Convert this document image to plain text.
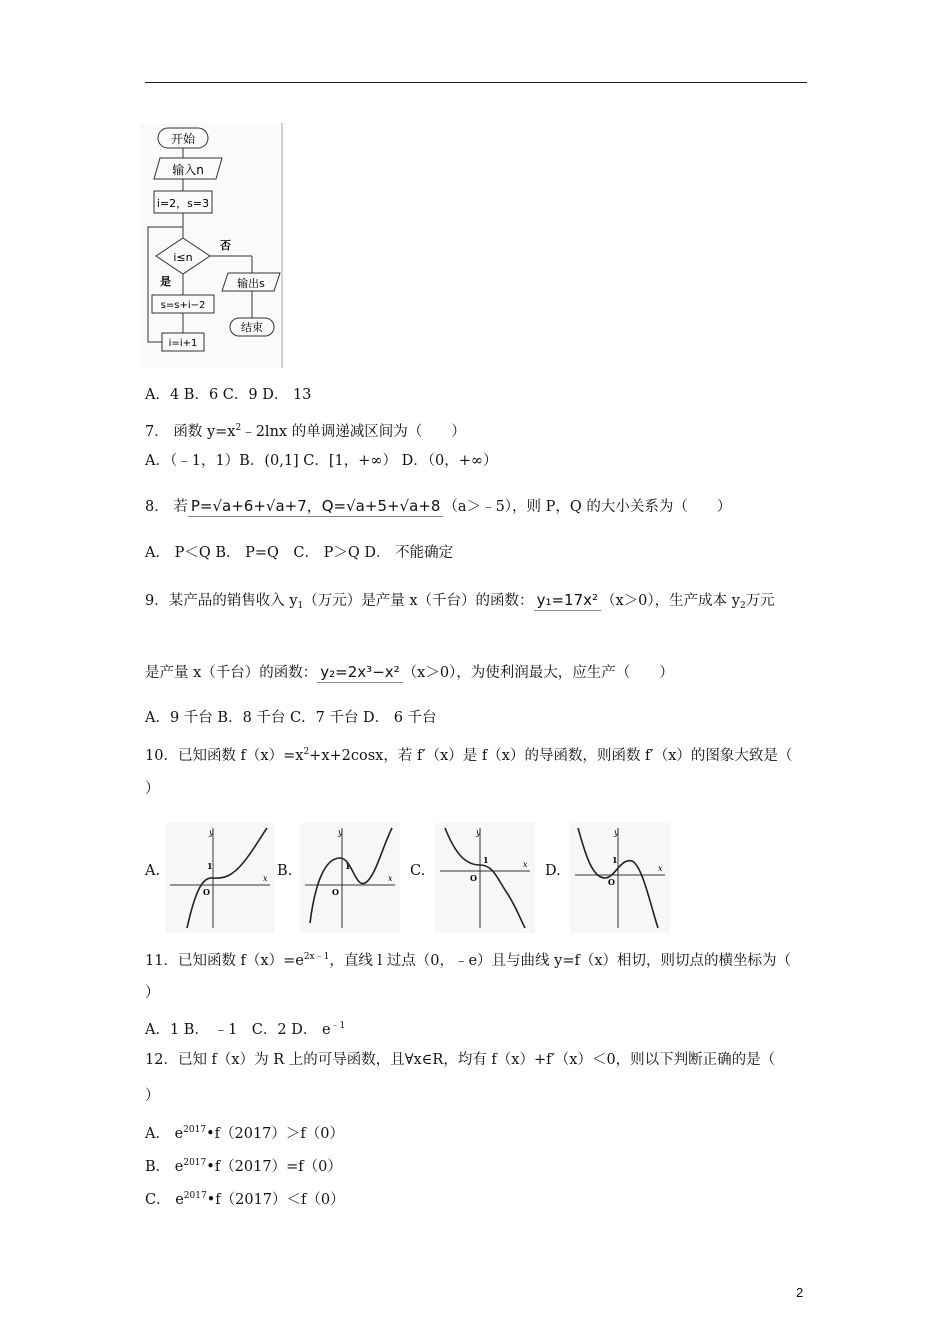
开始
输入n
i=2，s=3
i≤n
否
输出s
结束
是
s=s+i−2
i=i+1
A．4 B．6 C．9 D． 13
7． 函数 $y=x^2﹣2\ln x$ 的单调递减区间为（　　）
A．（﹣1，1）B．(0,1] C．[1，+∞） D．（0，+∞）
8． 若 P=√a+6+√a+7，Q=√a+5+√a+8 （a＞﹣5），则 P，Q 的大小关系为（　　）
A． P＜Q B． P=Q　C． P＞Q D． 不能确定
9．某产品的销售收入 $y_1$（万元）是产量 x（千台）的函数： y₁=17x² （x＞0），生产成本 $y_2$万元
是产量 x（千台）的函数： y₂=2x³−x² （x＞0），为使利润最大，应生产（　　）
A．9 千台 B．8 千台 C．7 千台 D． 6 千台
10．已知函数 $f(x)=x^2+x+2\cos x$，若 f′（x）是 f（x）的导函数，则函数 f′（x）的图象大致是（
）
A.	B.	C.	D.
y
x
O
1
y
x
O
1
y
x
O
1
y
x
O
1
11．已知函数 $f(x)=e^{2x﹣1}$，直线 l 过点（0，﹣e）且与曲线 y=f（x）相切，则切点的横坐标为（
）
A．1 B． ﹣1　C．2 D． $e^{﹣1}$
12．已知 f（x）为 R 上的可导函数，且∀x∈R，均有 f（x）+f′（x）＜0，则以下判断正确的是（
）
A． $e^{2017}•f(2017)>f(0)$
B． $e^{2017}•f(2017)=f(0)$
C． $e^{2017}•f(2017)<f(0)$
2
